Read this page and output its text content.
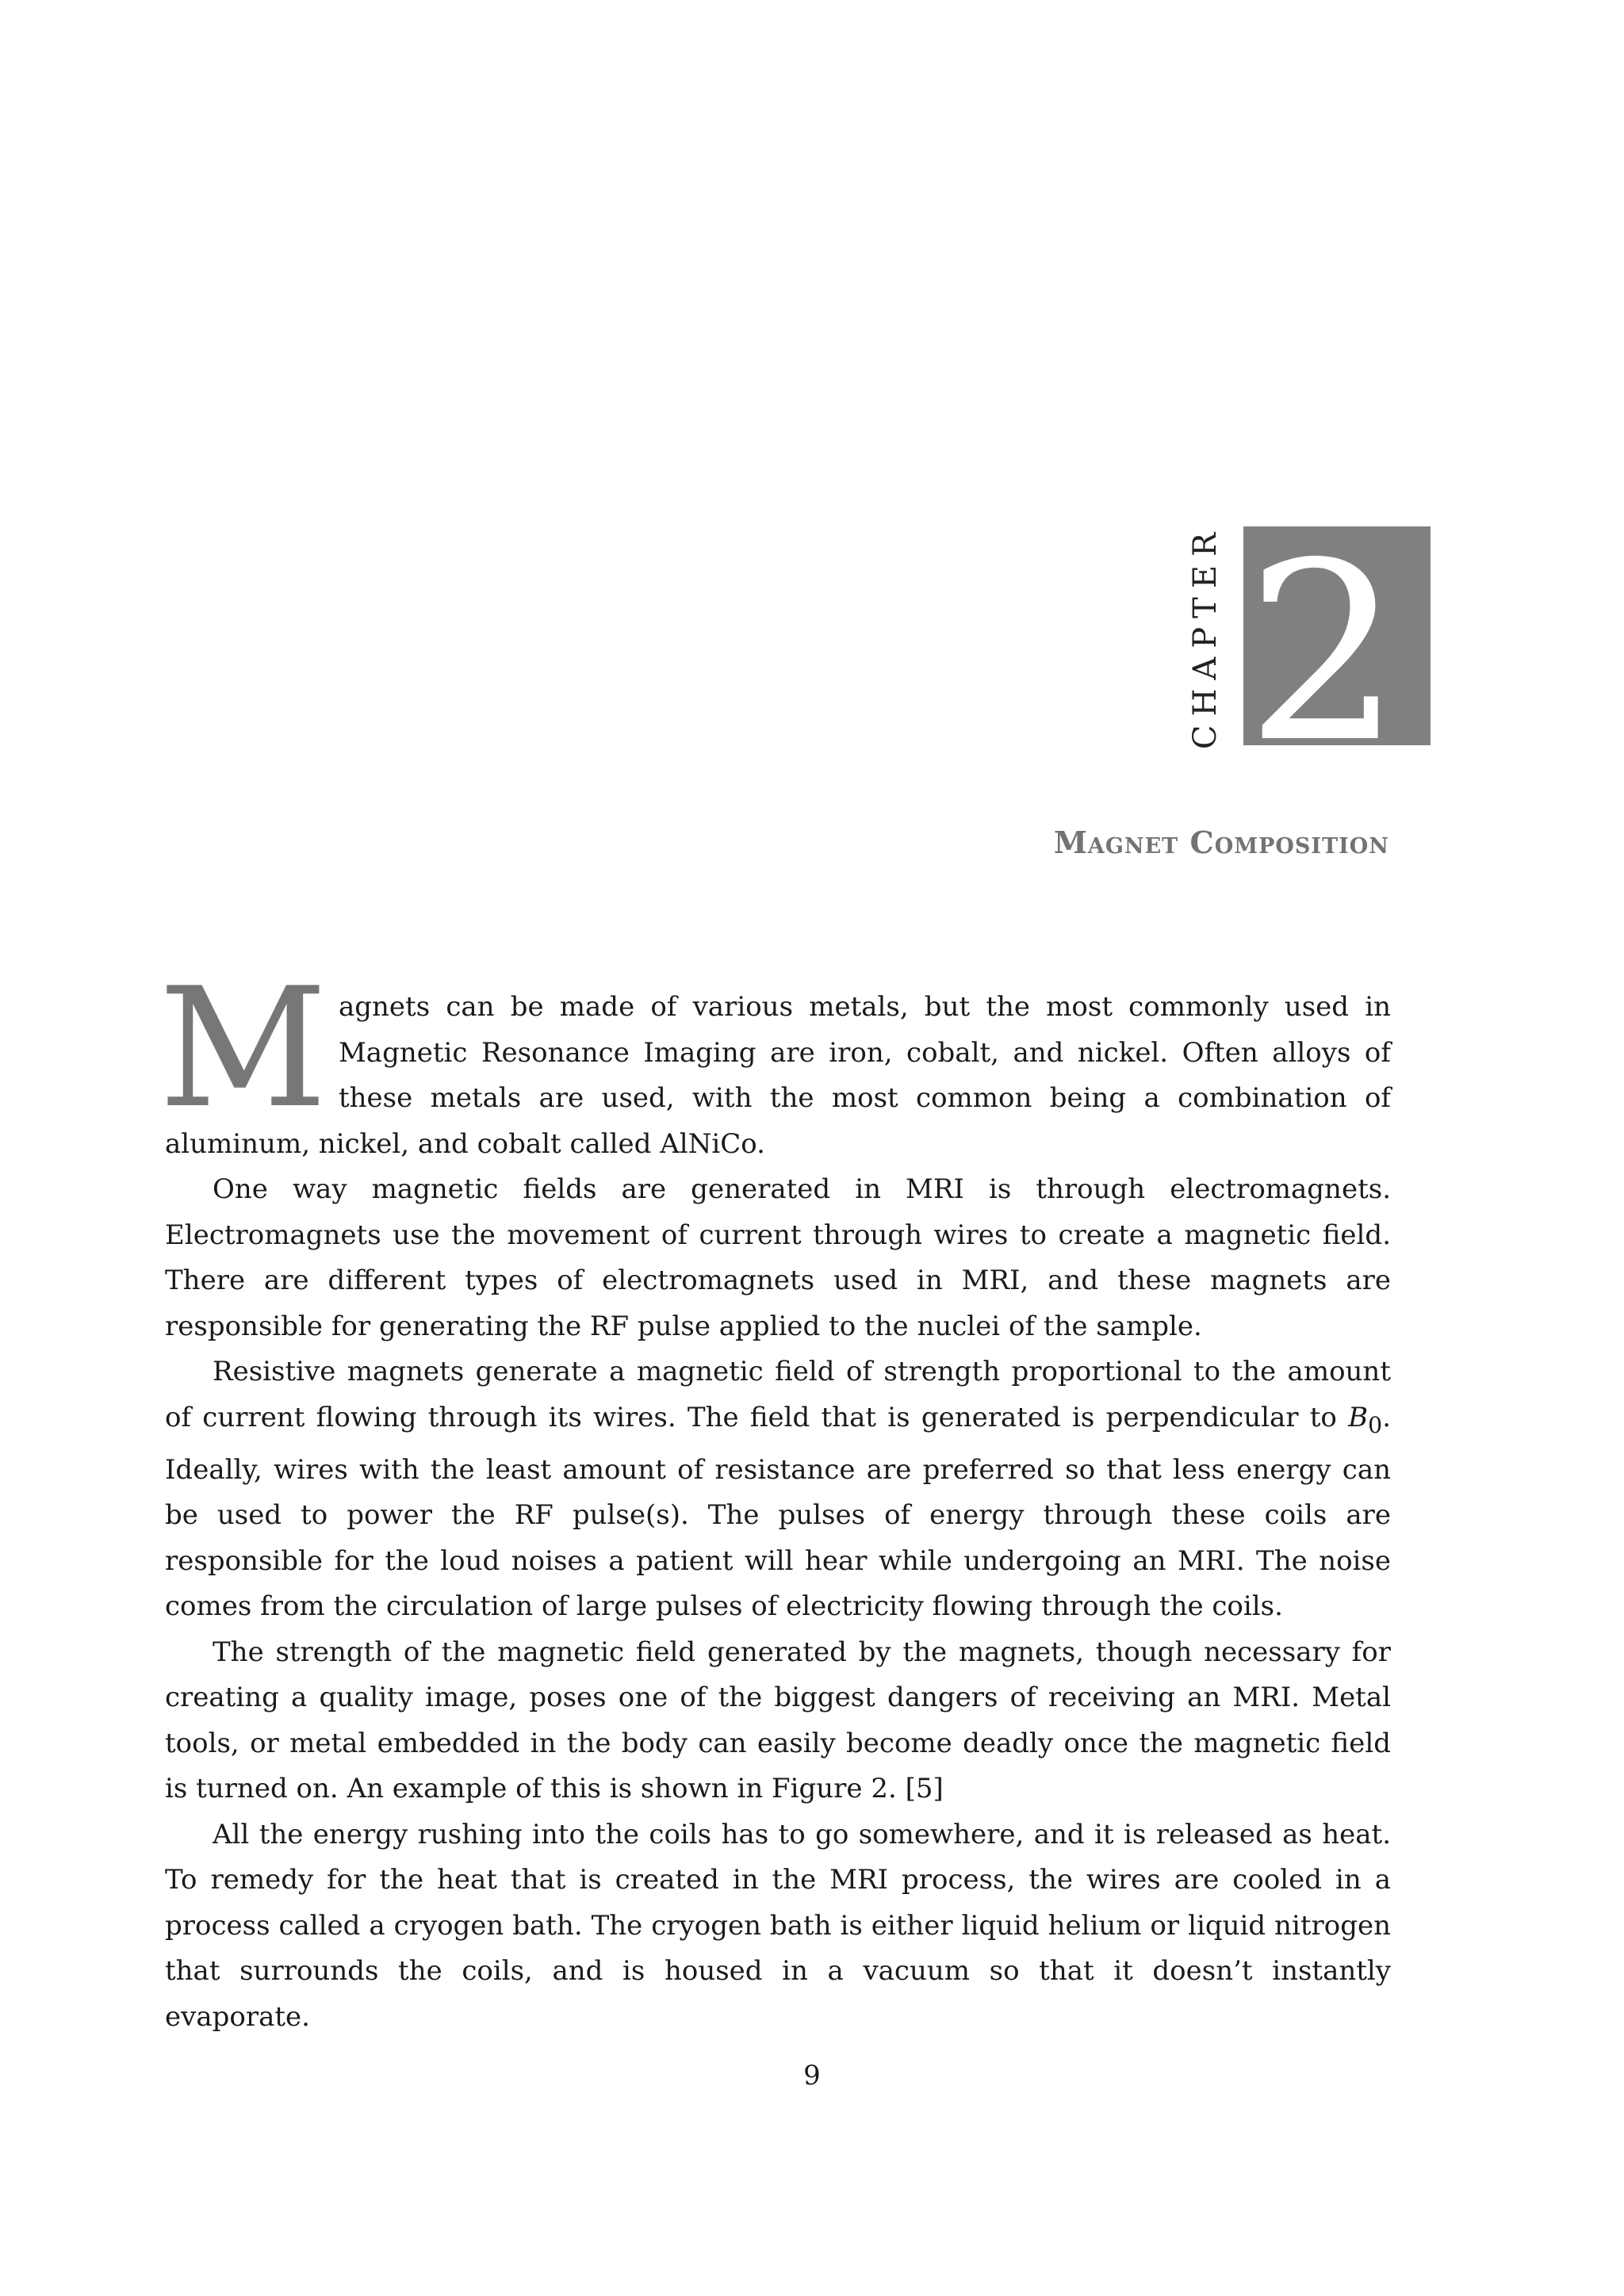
CHAPTER 2
Magnet Composition

Magnets can be made of various metals, but the most commonly used in Magnetic Resonance Imaging are iron, cobalt, and nickel. Often alloys of these metals are used, with the most common being a combination of aluminum, nickel, and cobalt called AlNiCo.

One way magnetic fields are generated in MRI is through electromagnets. Electromagnets use the movement of current through wires to create a magnetic field. There are different types of electromagnets used in MRI, and these magnets are responsible for generating the RF pulse applied to the nuclei of the sample.

Resistive magnets generate a magnetic field of strength proportional to the amount of current flowing through its wires. The field that is generated is perpendicular to $B_0$. Ideally, wires with the least amount of resistance are preferred so that less energy can be used to power the RF pulse(s). The pulses of energy through these coils are responsible for the loud noises a patient will hear while undergoing an MRI. The noise comes from the circulation of large pulses of electricity flowing through the coils.

The strength of the magnetic field generated by the magnets, though necessary for creating a quality image, poses one of the biggest dangers of receiving an MRI. Metal tools, or metal embedded in the body can easily become deadly once the magnetic field is turned on. An example of this is shown in Figure 2. [5]

All the energy rushing into the coils has to go somewhere, and it is released as heat. To remedy for the heat that is created in the MRI process, the wires are cooled in a process called a cryogen bath. The cryogen bath is either liquid helium or liquid nitrogen that surrounds the coils, and is housed in a vacuum so that it doesn’t instantly evaporate.

9
